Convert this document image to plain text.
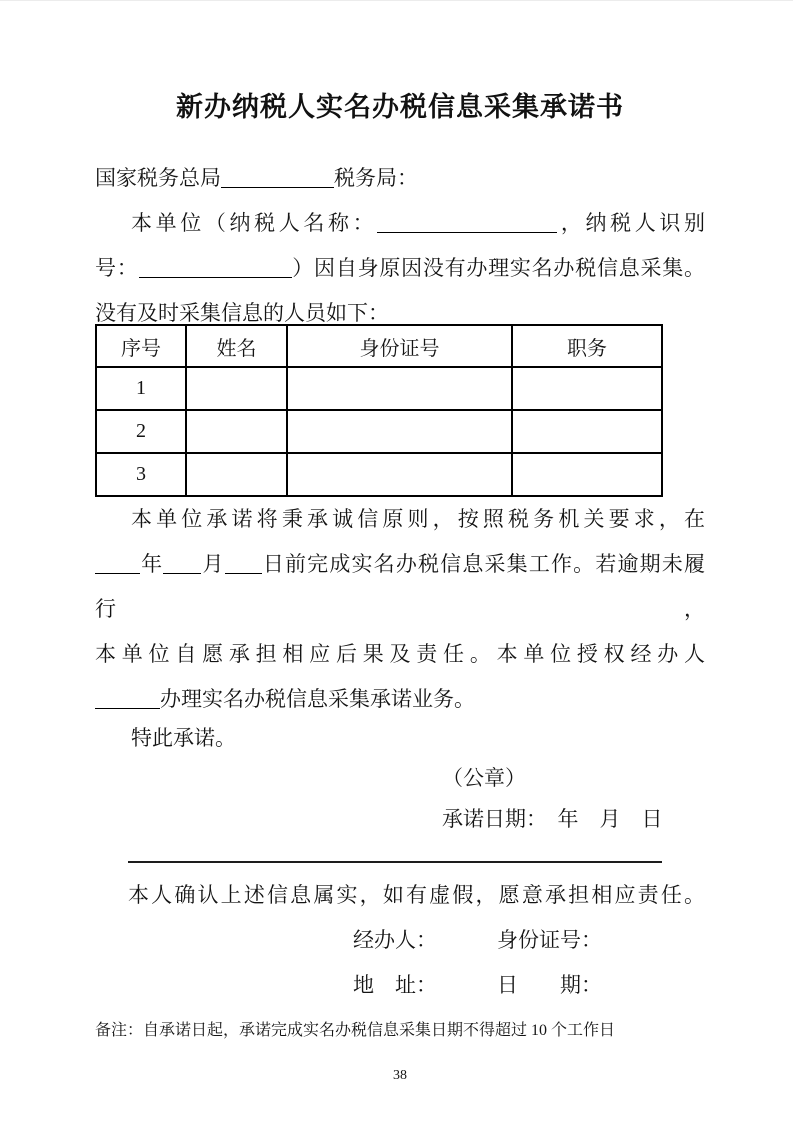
新办纳税人实名办税信息采集承诺书
国家税务总局	税务局：
本单位（纳税人名称：	，纳税人识别
号：	）因自身原因没有办理实名办税信息采集。
没有及时采集信息的人员如下：
序号	姓名	身份证号	职务
1			
2			
3			
本单位承诺将秉承诚信原则，按照税务机关要求，在
年 月 日前完成实名办税信息采集工作。若逾期未履行，
本单位自愿承担相应后果及责任。本单位授权经办人
办理实名办税信息采集承诺业务。
特此承诺。
（公章）
承诺日期：　年　月　日
本人确认上述信息属实，如有虚假，愿意承担相应责任。
经办人：	身份证号：
地　址：	日　　期：
备注：自承诺日起，承诺完成实名办税信息采集日期不得超过 10 个工作日
38
